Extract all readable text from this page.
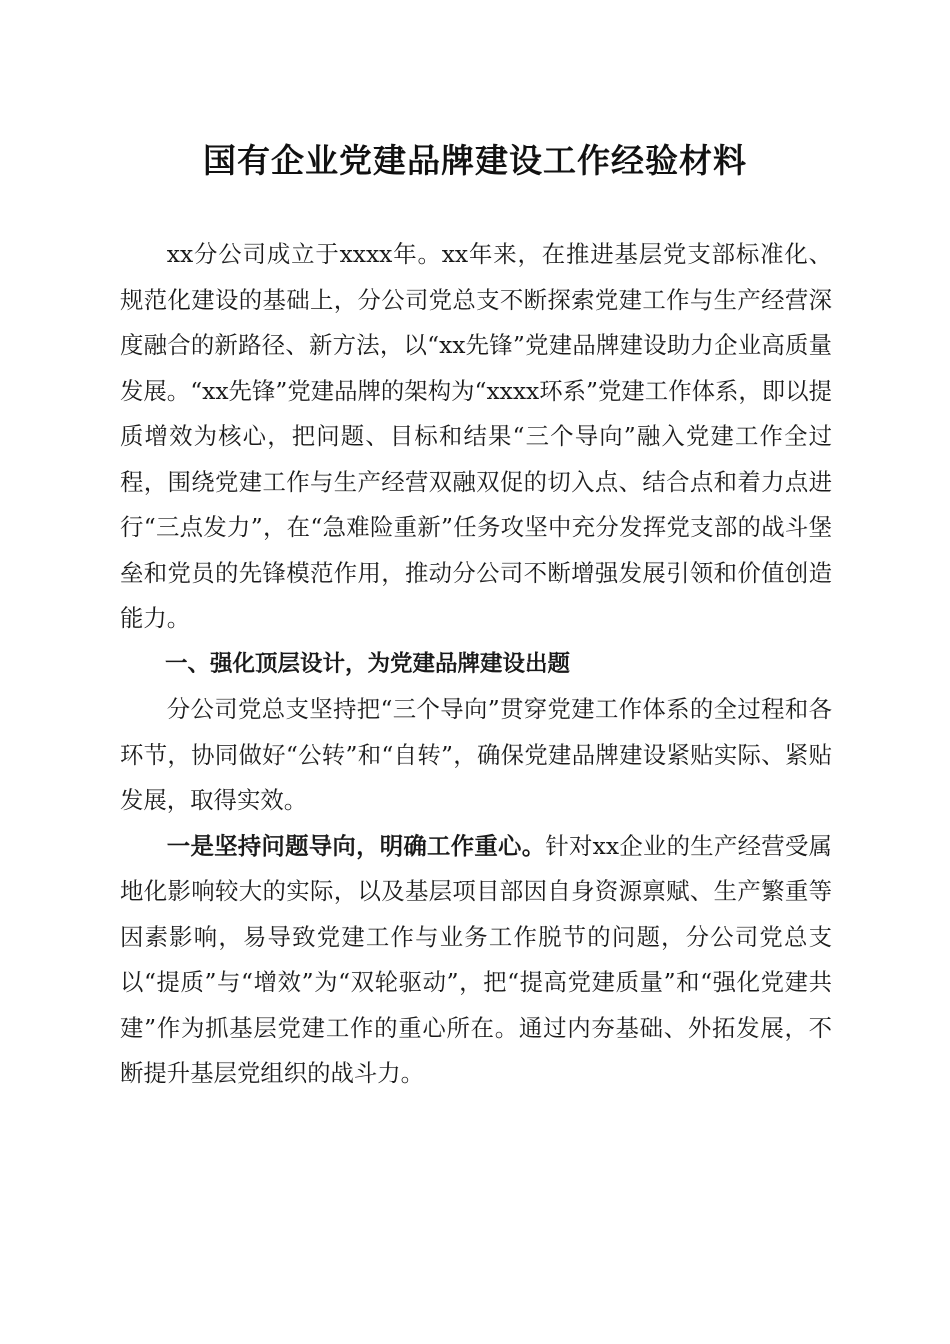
国有企业党建品牌建设工作经验材料

xx分公司成立于xxxx年。xx年来，在推进基层党支部标准化、规范化建设的基础上，分公司党总支不断探索党建工作与生产经营深度融合的新路径、新方法，以“xx先锋”党建品牌建设助力企业高质量发展。“xx先锋”党建品牌的架构为“xxxx环系”党建工作体系，即以提质增效为核心，把问题、目标和结果“三个导向”融入党建工作全过程，围绕党建工作与生产经营双融双促的切入点、结合点和着力点进行“三点发力”，在“急难险重新”任务攻坚中充分发挥党支部的战斗堡垒和党员的先锋模范作用，推动分公司不断增强发展引领和价值创造能力。

一、强化顶层设计，为党建品牌建设出题

分公司党总支坚持把“三个导向”贯穿党建工作体系的全过程和各环节，协同做好“公转”和“自转”，确保党建品牌建设紧贴实际、紧贴发展，取得实效。

一是坚持问题导向，明确工作重心。针对xx企业的生产经营受属地化影响较大的实际，以及基层项目部因自身资源禀赋、生产繁重等因素影响，易导致党建工作与业务工作脱节的问题，分公司党总支以“提质”与“增效”为“双轮驱动”，把“提高党建质量”和“强化党建共建”作为抓基层党建工作的重心所在。通过内夯基础、外拓发展，不断提升基层党组织的战斗力。
